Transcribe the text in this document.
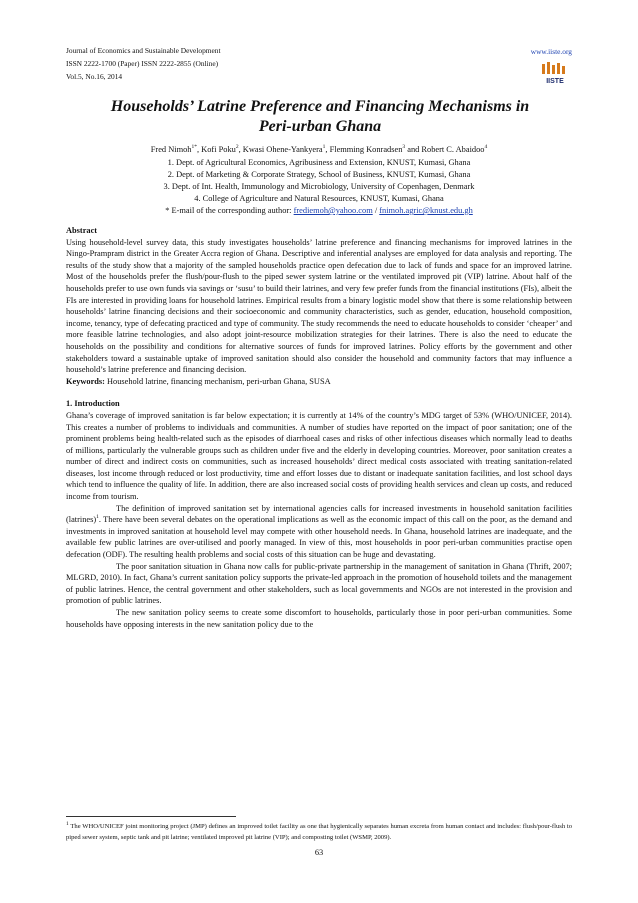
Journal of Economics and Sustainable Development
ISSN 2222-1700 (Paper) ISSN 2222-2855 (Online)
Vol.5, No.16, 2014
www.iiste.org
IISTE
Households’ Latrine Preference and Financing Mechanisms in
Peri-urban Ghana
Fred Nimoh$^{1*}$, Kofi Poku$^2$, Kwasi Ohene-Yankyera$^1$, Flemming Konradsen$^3$ and Robert C. Abaidoo$^4$
1. Dept. of Agricultural Economics, Agribusiness and Extension, KNUST, Kumasi, Ghana
2. Dept. of Marketing & Corporate Strategy, School of Business, KNUST, Kumasi, Ghana
3. Dept. of Int. Health, Immunology and Microbiology, University of Copenhagen, Denmark
4. College of Agriculture and Natural Resources, KNUST, Kumasi, Ghana
* E-mail of the corresponding author: frediemoh@yahoo.com / fnimoh.agric@knust.edu.gh

Abstract

Using household-level survey data, this study investigates households’ latrine preference and financing mechanisms for improved latrines in the Ningo-Prampram district in the Greater Accra region of Ghana. Descriptive and inferential analyses are employed for data analysis and reporting. The results of the study show that a majority of the sampled households practice open defecation due to lack of funds and space for an improved latrine. Most of the households prefer the flush/pour-flush to the piped sewer system latrine or the ventilated improved pit (VIP) latrine. About half of the households prefer to use own funds via savings or ‘susu’ to build their latrines, and very few prefer funds from the financial institutions (FIs), albeit the FIs are interested in providing loans for household latrines. Empirical results from a binary logistic model show that there is some relationship between households’ latrine financing decisions and their socioeconomic and community characteristics, such as gender, education, household composition, income, tenancy, type of defecating practiced and type of community. The study recommends the need to educate households to consider ‘cheaper’ and more feasible latrine technologies, and also adopt joint-resource mobilization strategies for their latrines. There is also the need to educate the households on the possibility and conditions for alternative sources of funds for improved latrines. Policy efforts by the government and other stakeholders toward a sustainable uptake of improved sanitation should also consider the household and community factors that may influence a household’s latrine preference and financing decision.

Keywords: Household latrine, financing mechanism, peri-urban Ghana, SUSA

1. Introduction

Ghana’s coverage of improved sanitation is far below expectation; it is currently at 14% of the country’s MDG target of 53% (WHO/UNICEF, 2014). This creates a number of problems to individuals and communities. A number of studies have reported on the impact of poor sanitation; one of the prominent problems being health-related such as the episodes of diarrhoeal cases and risks of other infectious diseases which normally lead to deaths of millions, particularly the vulnerable groups such as children under five and the elderly in developing countries. Moreover, poor sanitation creates a number of direct and indirect costs on communities, such as increased households’ direct medical costs associated with treating sanitation-related diseases, lost income through reduced or lost productivity, time and effort losses due to distant or inadequate sanitation facilities, and lost school days which tend to influence the quality of life. In addition, there are also increased social costs of providing health services and clean up costs, and reduced income from tourism.

The definition of improved sanitation set by international agencies calls for increased investments in household sanitation facilities (latrines)$^1$. There have been several debates on the operational implications as well as the economic impact of this call on the poor, as the demand and investments in improved sanitation at household level may compete with other household needs. In Ghana, household latrines are inadequate, and the available few public latrines are over-utilised and poorly managed. In view of this, most households in poor peri-urban communities practise open defecation (ODF). The resulting health problems and social costs of this situation can be huge and devastating.

The poor sanitation situation in Ghana now calls for public-private partnership in the management of sanitation in Ghana (Thrift, 2007; MLGRD, 2010). In fact, Ghana’s current sanitation policy supports the private-led approach in the promotion of household toilets and the management of public latrines. Hence, the central government and other stakeholders, such as local governments and NGOs are not interested in the provision and promotion of public latrines.

The new sanitation policy seems to create some discomfort to households, particularly those in poor peri-urban communities. Some households have opposing interests in the new sanitation policy due to the

$^1$ The WHO/UNICEF joint monitoring project (JMP) defines an improved toilet facility as one that hygienically separates human excreta from human contact and includes: flush/pour-flush to piped sewer system, septic tank and pit latrine; ventilated improved pit latrine (VIP); and composting toilet (WSMP, 2009).
63
